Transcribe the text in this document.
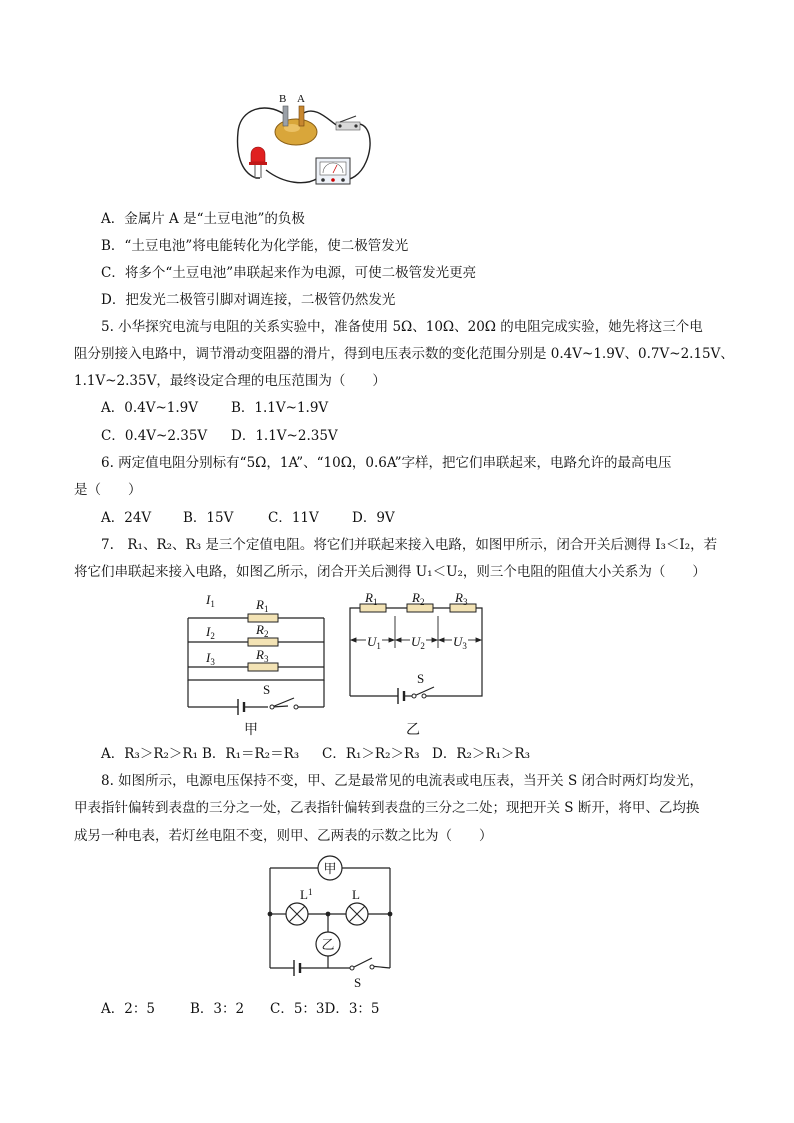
B A
A．金属片 A 是“土豆电池”的负极
B．“土豆电池”将电能转化为化学能，使二极管发光
C．将多个“土豆电池”串联起来作为电源，可使二极管发光更亮
D．把发光二极管引脚对调连接，二极管仍然发光
5. 小华探究电流与电阻的关系实验中，准备使用 5Ω、10Ω、20Ω 的电阻完成实验，她先将这三个电
阻分别接入电路中，调节滑动变阻器的滑片，得到电压表示数的变化范围分别是 0.4V~1.9V、0.7V~2.15V、
1.1V~2.35V，最终设定合理的电压范围为（　　）
A．0.4V~1.9V B．1.1V~1.9V
C．0.4V~2.35V D．1.1V~2.35V
6. 两定值电阻分别标有“5Ω，1A”、“10Ω，0.6A”字样，把它们串联起来，电路允许的最高电压
是（　　）
A．24V B．15V	C．11V D．9V
7.　R₁、R₂、R₃ 是三个定值电阻。将它们并联起来接入电路，如图甲所示，闭合开关后测得 I₃＜I₂，若
将它们串联起来接入电路，如图乙所示，闭合开关后测得 U₁＜U₂，则三个电阻的阻值大小关系为（　　）
$I_1$	$R_1$
$I_2$	$R_2$
$I_3$	$R_3$
S
甲
$R_1$	$R_2$ $R_3$
$U_1$ $U_2$ $U_3$
S
乙
A．R₃＞R₂＞R₁ B．R₁＝R₂＝R₃ C．R₁＞R₂＞R₃ D．R₂＞R₁＞R₃
8. 如图所示，电源电压保持不变，甲、乙是最常见的电流表或电压表，当开关 S 闭合时两灯均发光，
甲表指针偏转到表盘的三分之一处，乙表指针偏转到表盘的三分之二处；现把开关 S 断开，将甲、乙均换
成另一种电表，若灯丝电阻不变，则甲、乙两表的示数之比为（　　）
甲
乙
$L^1$	L
S
A．2：5	B．3：2 C．5：3D．3：5
